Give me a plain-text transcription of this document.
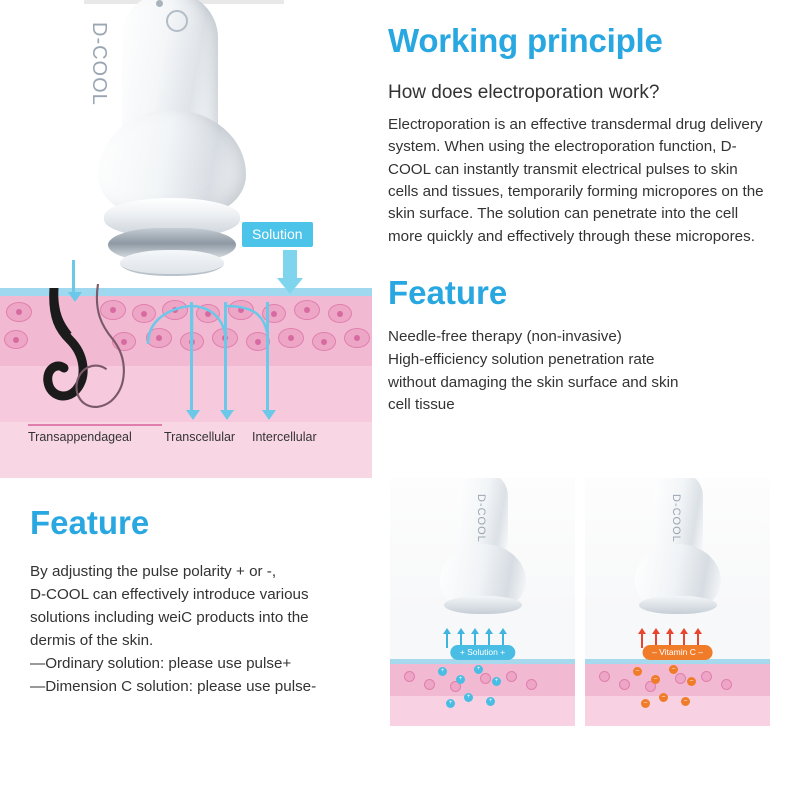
D‐COOL
Solution
Transappendageal	Transcellular Intercellular
Working principle
How does electroporation work?

Electroporation is an effective transdermal drug delivery system. When using the electroporation function, D-COOL can instantly transmit electrical pulses to skin cells and tissues, temporarily forming micropores on the skin surface. The solution can penetrate into the cell more quickly and effectively through these micropores.

Feature
Needle-free therapy (non-invasive)
High-efficiency solution penetration rate
without damaging the skin surface and skin
cell tissue
Feature
By adjusting the pulse polarity + or -,
D-COOL can effectively introduce various
solutions including weiC products into the
dermis of the skin.
—Ordinary solution: please use pulse+
—Dimension C solution: please use pulse-
D‐COOL
+ Solution +
+
+
+
+
+
+	+
D‐COOL
– Vitamin C –
–
–
–
–
–
–	–
